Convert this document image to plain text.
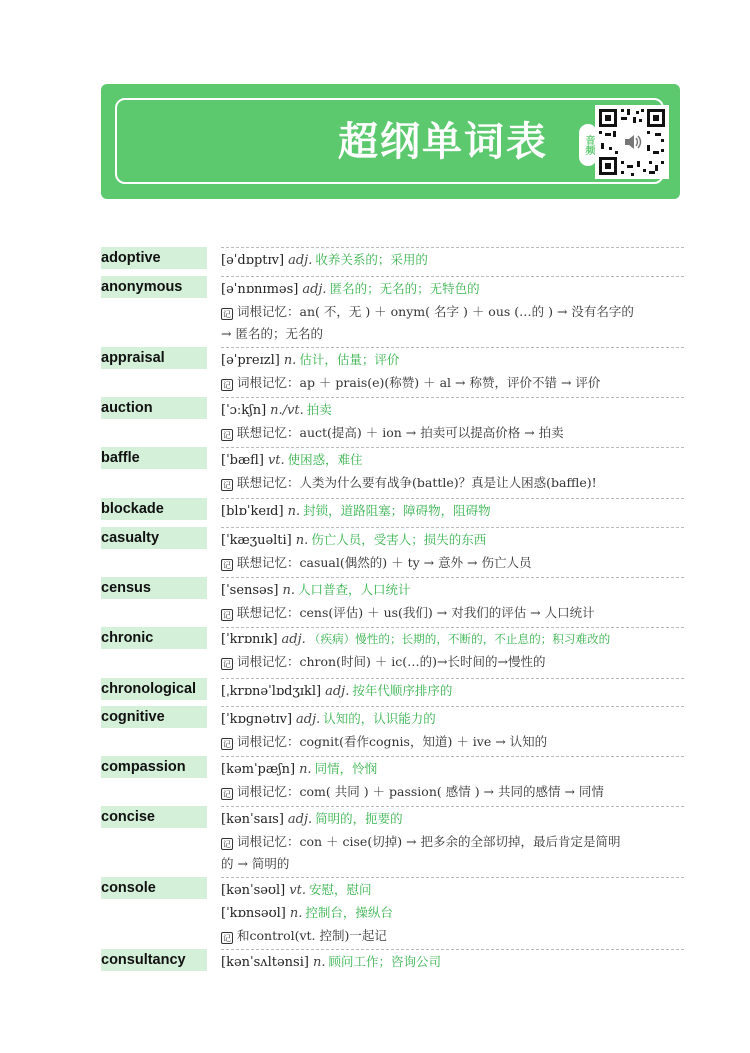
超纲单词表	音频
adoptive	[əˈdɒptɪv] adj. 收养关系的；采用的
anonymous	[əˈnɒnɪməs] adj. 匿名的；无名的；无特色的
记 词根记忆：an( 不，无 ) ＋ onym( 名字 ) ＋ ous (…的 ) → 没有名字的
→ 匿名的；无名的
appraisal	[əˈpreɪzl] n. 估计，估量；评价
记 词根记忆：ap ＋ prais(e)(称赞) ＋ al → 称赞，评价不错 → 评价
auction	[ˈɔːkʃn] n./vt. 拍卖
记 联想记忆：auct(提高) ＋ ion → 拍卖可以提高价格 → 拍卖
baffle	[ˈbæfl] vt. 使困惑，难住
记 联想记忆：人类为什么要有战争(battle)？真是让人困惑(baffle)!
blockade	[blɒˈkeɪd] n. 封锁，道路阻塞；障碍物，阻碍物
casualty	[ˈkæʒuəlti] n. 伤亡人员，受害人；损失的东西
记 联想记忆：casual(偶然的) ＋ ty → 意外 → 伤亡人员
census	[ˈsensəs] n. 人口普查，人口统计
记 联想记忆：cens(评估) ＋ us(我们) → 对我们的评估 → 人口统计
chronic	[ˈkrɒnɪk] adj. （疾病）慢性的；长期的，不断的，不止息的；积习难改的
记 词根记忆：chron(时间) ＋ ic(…的)→长时间的→慢性的
chronological [ˌkrɒnəˈlɒdʒɪkl] adj. 按年代顺序排序的
cognitive	[ˈkɒɡnətɪv] adj. 认知的，认识能力的
记 词根记忆：cognit(看作cognis，知道) ＋ ive → 认知的
compassion	[kəmˈpæʃn] n. 同情，怜悯
记 词根记忆：com( 共同 ) ＋ passion( 感情 ) → 共同的感情 → 同情
concise	[kənˈsaɪs] adj. 简明的，扼要的
记 词根记忆：con ＋ cise(切掉) → 把多余的全部切掉，最后肯定是简明
的 → 简明的
console	[kənˈsəʊl] vt. 安慰，慰问
[ˈkɒnsəʊl] n. 控制台，操纵台
记 和control(vt. 控制)一起记
consultancy	[kənˈsʌltənsi] n. 顾问工作；咨询公司
